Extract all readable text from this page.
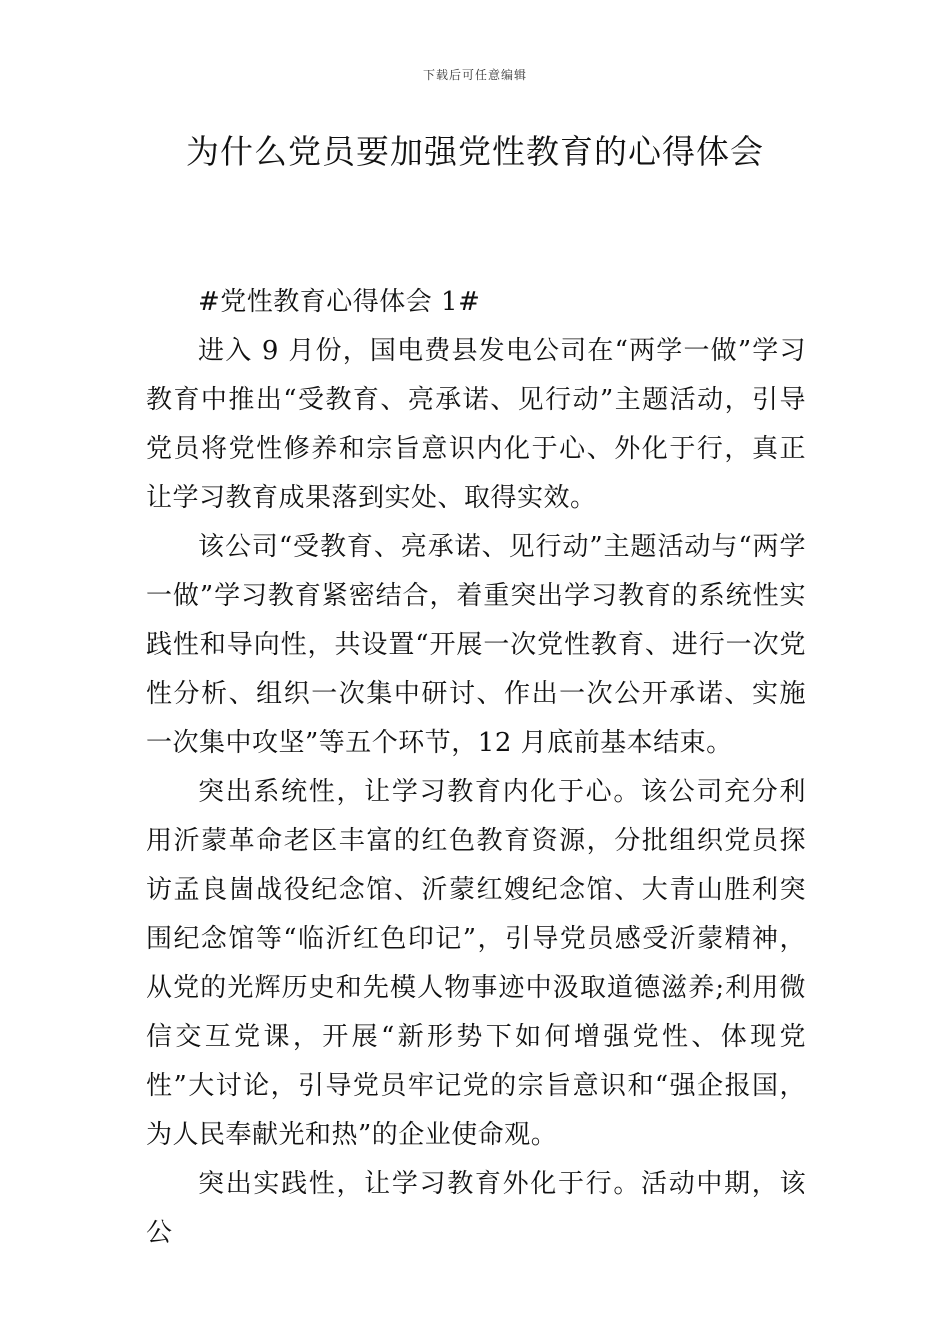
下载后可任意编辑
为什么党员要加强党性教育的心得体会

#党性教育心得体会 1#

进入 9 月份，国电费县发电公司在“两学一做”学习教育中推出“受教育、亮承诺、见行动”主题活动，引导党员将党性修养和宗旨意识内化于心、外化于行，真正让学习教育成果落到实处、取得实效。

该公司“受教育、亮承诺、见行动”主题活动与“两学一做”学习教育紧密结合，着重突出学习教育的系统性实践性和导向性，共设置“开展一次党性教育、进行一次党性分析、组织一次集中研讨、作出一次公开承诺、实施一次集中攻坚”等五个环节，12 月底前基本结束。

突出系统性，让学习教育内化于心。该公司充分利用沂蒙革命老区丰富的红色教育资源，分批组织党员探访孟良崮战役纪念馆、沂蒙红嫂纪念馆、大青山胜利突围纪念馆等“临沂红色印记”，引导党员感受沂蒙精神，从党的光辉历史和先模人物事迹中汲取道德滋养;利用微信交互党课，开展“新形势下如何增强党性、体现党性”大讨论，引导党员牢记党的宗旨意识和“强企报国，为人民奉献光和热”的企业使命观。

突出实践性，让学习教育外化于行。活动中期，该公
